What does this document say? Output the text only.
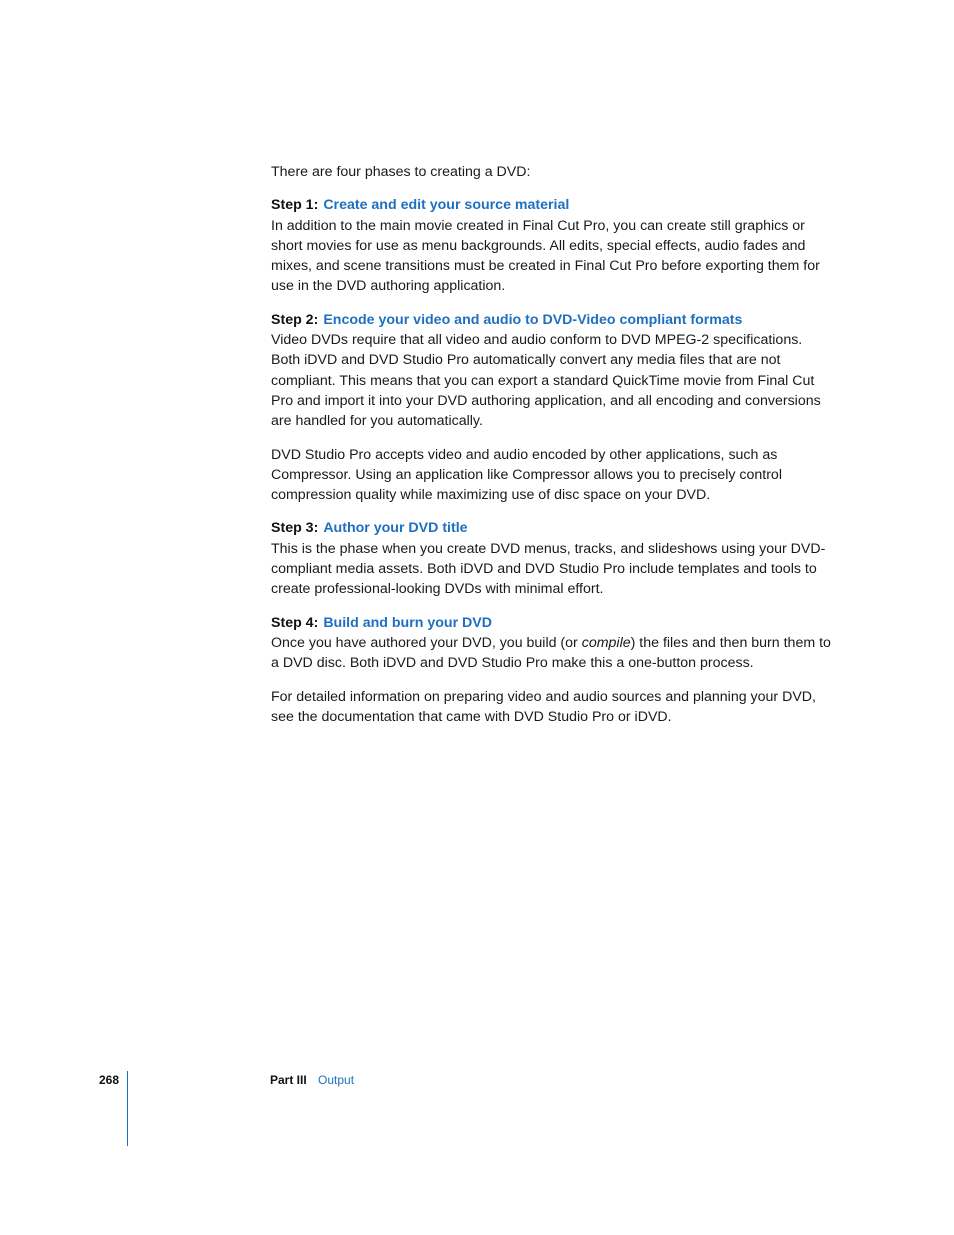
There are four phases to creating a DVD:

Step 1: Create and edit your source material

In addition to the main movie created in Final Cut Pro, you can create still graphics or short movies for use as menu backgrounds. All edits, special effects, audio fades and mixes, and scene transitions must be created in Final Cut Pro before exporting them for use in the DVD authoring application.

Step 2: Encode your video and audio to DVD-Video compliant formats

Video DVDs require that all video and audio conform to DVD MPEG-2 specifications. Both iDVD and DVD Studio Pro automatically convert any media files that are not compliant. This means that you can export a standard QuickTime movie from Final Cut Pro and import it into your DVD authoring application, and all encoding and conversions are handled for you automatically.

DVD Studio Pro accepts video and audio encoded by other applications, such as Compressor. Using an application like Compressor allows you to precisely control compression quality while maximizing use of disc space on your DVD.

Step 3: Author your DVD title

This is the phase when you create DVD menus, tracks, and slideshows using your DVD-compliant media assets. Both iDVD and DVD Studio Pro include templates and tools to create professional-looking DVDs with minimal effort.

Step 4: Build and burn your DVD

Once you have authored your DVD, you build (or compile) the files and then burn them to a DVD disc. Both iDVD and DVD Studio Pro make this a one-button process.

For detailed information on preparing video and audio sources and planning your DVD, see the documentation that came with DVD Studio Pro or iDVD.

268	Part III Output
